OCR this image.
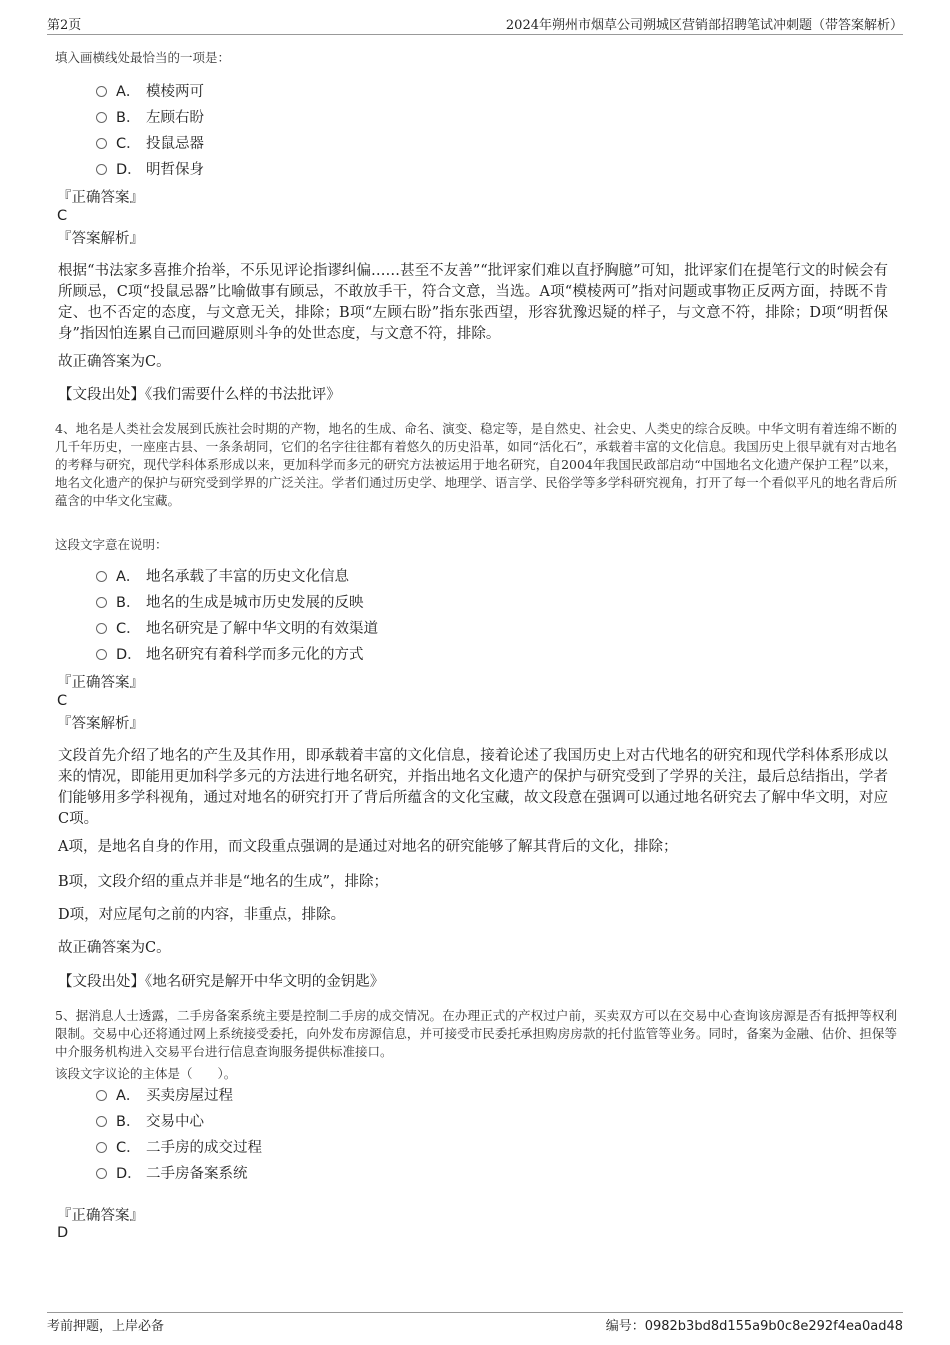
第2页	2024年朔州市烟草公司朔城区营销部招聘笔试冲刺题（带答案解析）
填入画横线处最恰当的一项是：
A． 模棱两可
B． 左顾右盼
C． 投鼠忌器
D． 明哲保身
『正确答案』
C
『答案解析』
根据“书法家多喜推介抬举，不乐见评论指谬纠偏……甚至不友善”“批评家们难以直抒胸臆”可知，批评家们在提笔行文的时候会有所顾忌，C项“投鼠忌器”比喻做事有顾忌，不敢放手干，符合文意，当选。A项“模棱两可”指对问题或事物正反两方面，持既不肯定、也不否定的态度，与文意无关，排除；B项“左顾右盼”指东张西望，形容犹豫迟疑的样子，与文意不符，排除；D项“明哲保身”指因怕连累自己而回避原则斗争的处世态度，与文意不符，排除。
故正确答案为C。
【文段出处】《我们需要什么样的书法批评》
4、地名是人类社会发展到氏族社会时期的产物，地名的生成、命名、演变、稳定等，是自然史、社会史、人类史的综合反映。中华文明有着连绵不断的几千年历史，一座座古县、一条条胡同，它们的名字往往都有着悠久的历史沿革，如同“活化石”，承载着丰富的文化信息。我国历史上很早就有对古地名的考释与研究，现代学科体系形成以来，更加科学而多元的研究方法被运用于地名研究，自2004年我国民政部启动“中国地名文化遗产保护工程”以来，地名文化遗产的保护与研究受到学界的广泛关注。学者们通过历史学、地理学、语言学、民俗学等多学科研究视角，打开了每一个看似平凡的地名背后所蕴含的中华文化宝藏。
这段文字意在说明：
A． 地名承载了丰富的历史文化信息
B． 地名的生成是城市历史发展的反映
C． 地名研究是了解中华文明的有效渠道
D． 地名研究有着科学而多元化的方式
『正确答案』
C
『答案解析』
文段首先介绍了地名的产生及其作用，即承载着丰富的文化信息，接着论述了我国历史上对古代地名的研究和现代学科体系形成以来的情况，即能用更加科学多元的方法进行地名研究，并指出地名文化遗产的保护与研究受到了学界的关注，最后总结指出，学者们能够用多学科视角，通过对地名的研究打开了背后所蕴含的文化宝藏，故文段意在强调可以通过地名研究去了解中华文明，对应C项。
A项，是地名自身的作用，而文段重点强调的是通过对地名的研究能够了解其背后的文化，排除；
B项，文段介绍的重点并非是“地名的生成”，排除；
D项，对应尾句之前的内容，非重点，排除。
故正确答案为C。
【文段出处】《地名研究是解开中华文明的金钥匙》
5、据消息人士透露，二手房备案系统主要是控制二手房的成交情况。在办理正式的产权过户前，买卖双方可以在交易中心查询该房源是否有抵押等权利限制。交易中心还将通过网上系统接受委托，向外发布房源信息，并可接受市民委托承担购房房款的托付监管等业务。同时，备案为金融、估价、担保等中介服务机构进入交易平台进行信息查询服务提供标准接口。
该段文字议论的主体是（　　）。
A． 买卖房屋过程
B． 交易中心
C． 二手房的成交过程
D． 二手房备案系统
『正确答案』
D
考前押题，上岸必备	编号：0982b3bd8d155a9b0c8e292f4ea0ad48
